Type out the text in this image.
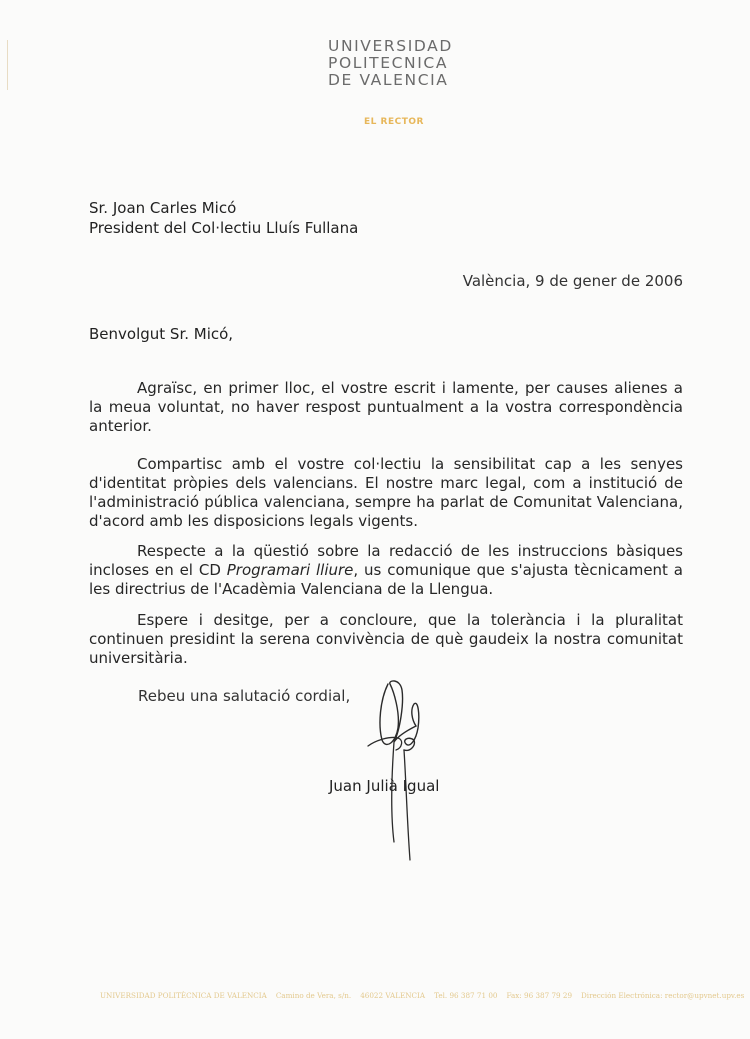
UNIVERSIDAD
POLITECNICA
DE VALENCIA
EL RECTOR
Sr. Joan Carles Micó
President del Col·lectiu Lluís Fullana
València, 9 de gener de 2006
Benvolgut Sr. Micó,
Agraïsc, en primer lloc, el vostre escrit i lamente, per causes alienes a la meua voluntat, no haver respost puntualment a la vostra correspondència anterior.
Compartisc amb el vostre col·lectiu la sensibilitat cap a les senyes d'identitat pròpies dels valencians. El nostre marc legal, com a institució de l'administració pública valenciana, sempre ha parlat de Comunitat Valenciana, d'acord amb les disposicions legals vigents.
Respecte a la qüestió sobre la redacció de les instruccions bàsiques incloses en el CD Programari lliure, us comunique que s'ajusta tècnicament a les directrius de l'Acadèmia Valenciana de la Llengua.
Espere i desitge, per a concloure, que la tolerància i la pluralitat continuen presidint la serena convivència de què gaudeix la nostra comunitat universitària.
Rebeu una salutació cordial,
Juan Julià Igual
UNIVERSIDAD POLITÈCNICA DE VALENCIA Camino de Vera, s/n. 46022 VALENCIA Tel. 96 387 71 00 Fax: 96 387 79 29 Dirección Electrónica: rector@upvnet.upv.es
